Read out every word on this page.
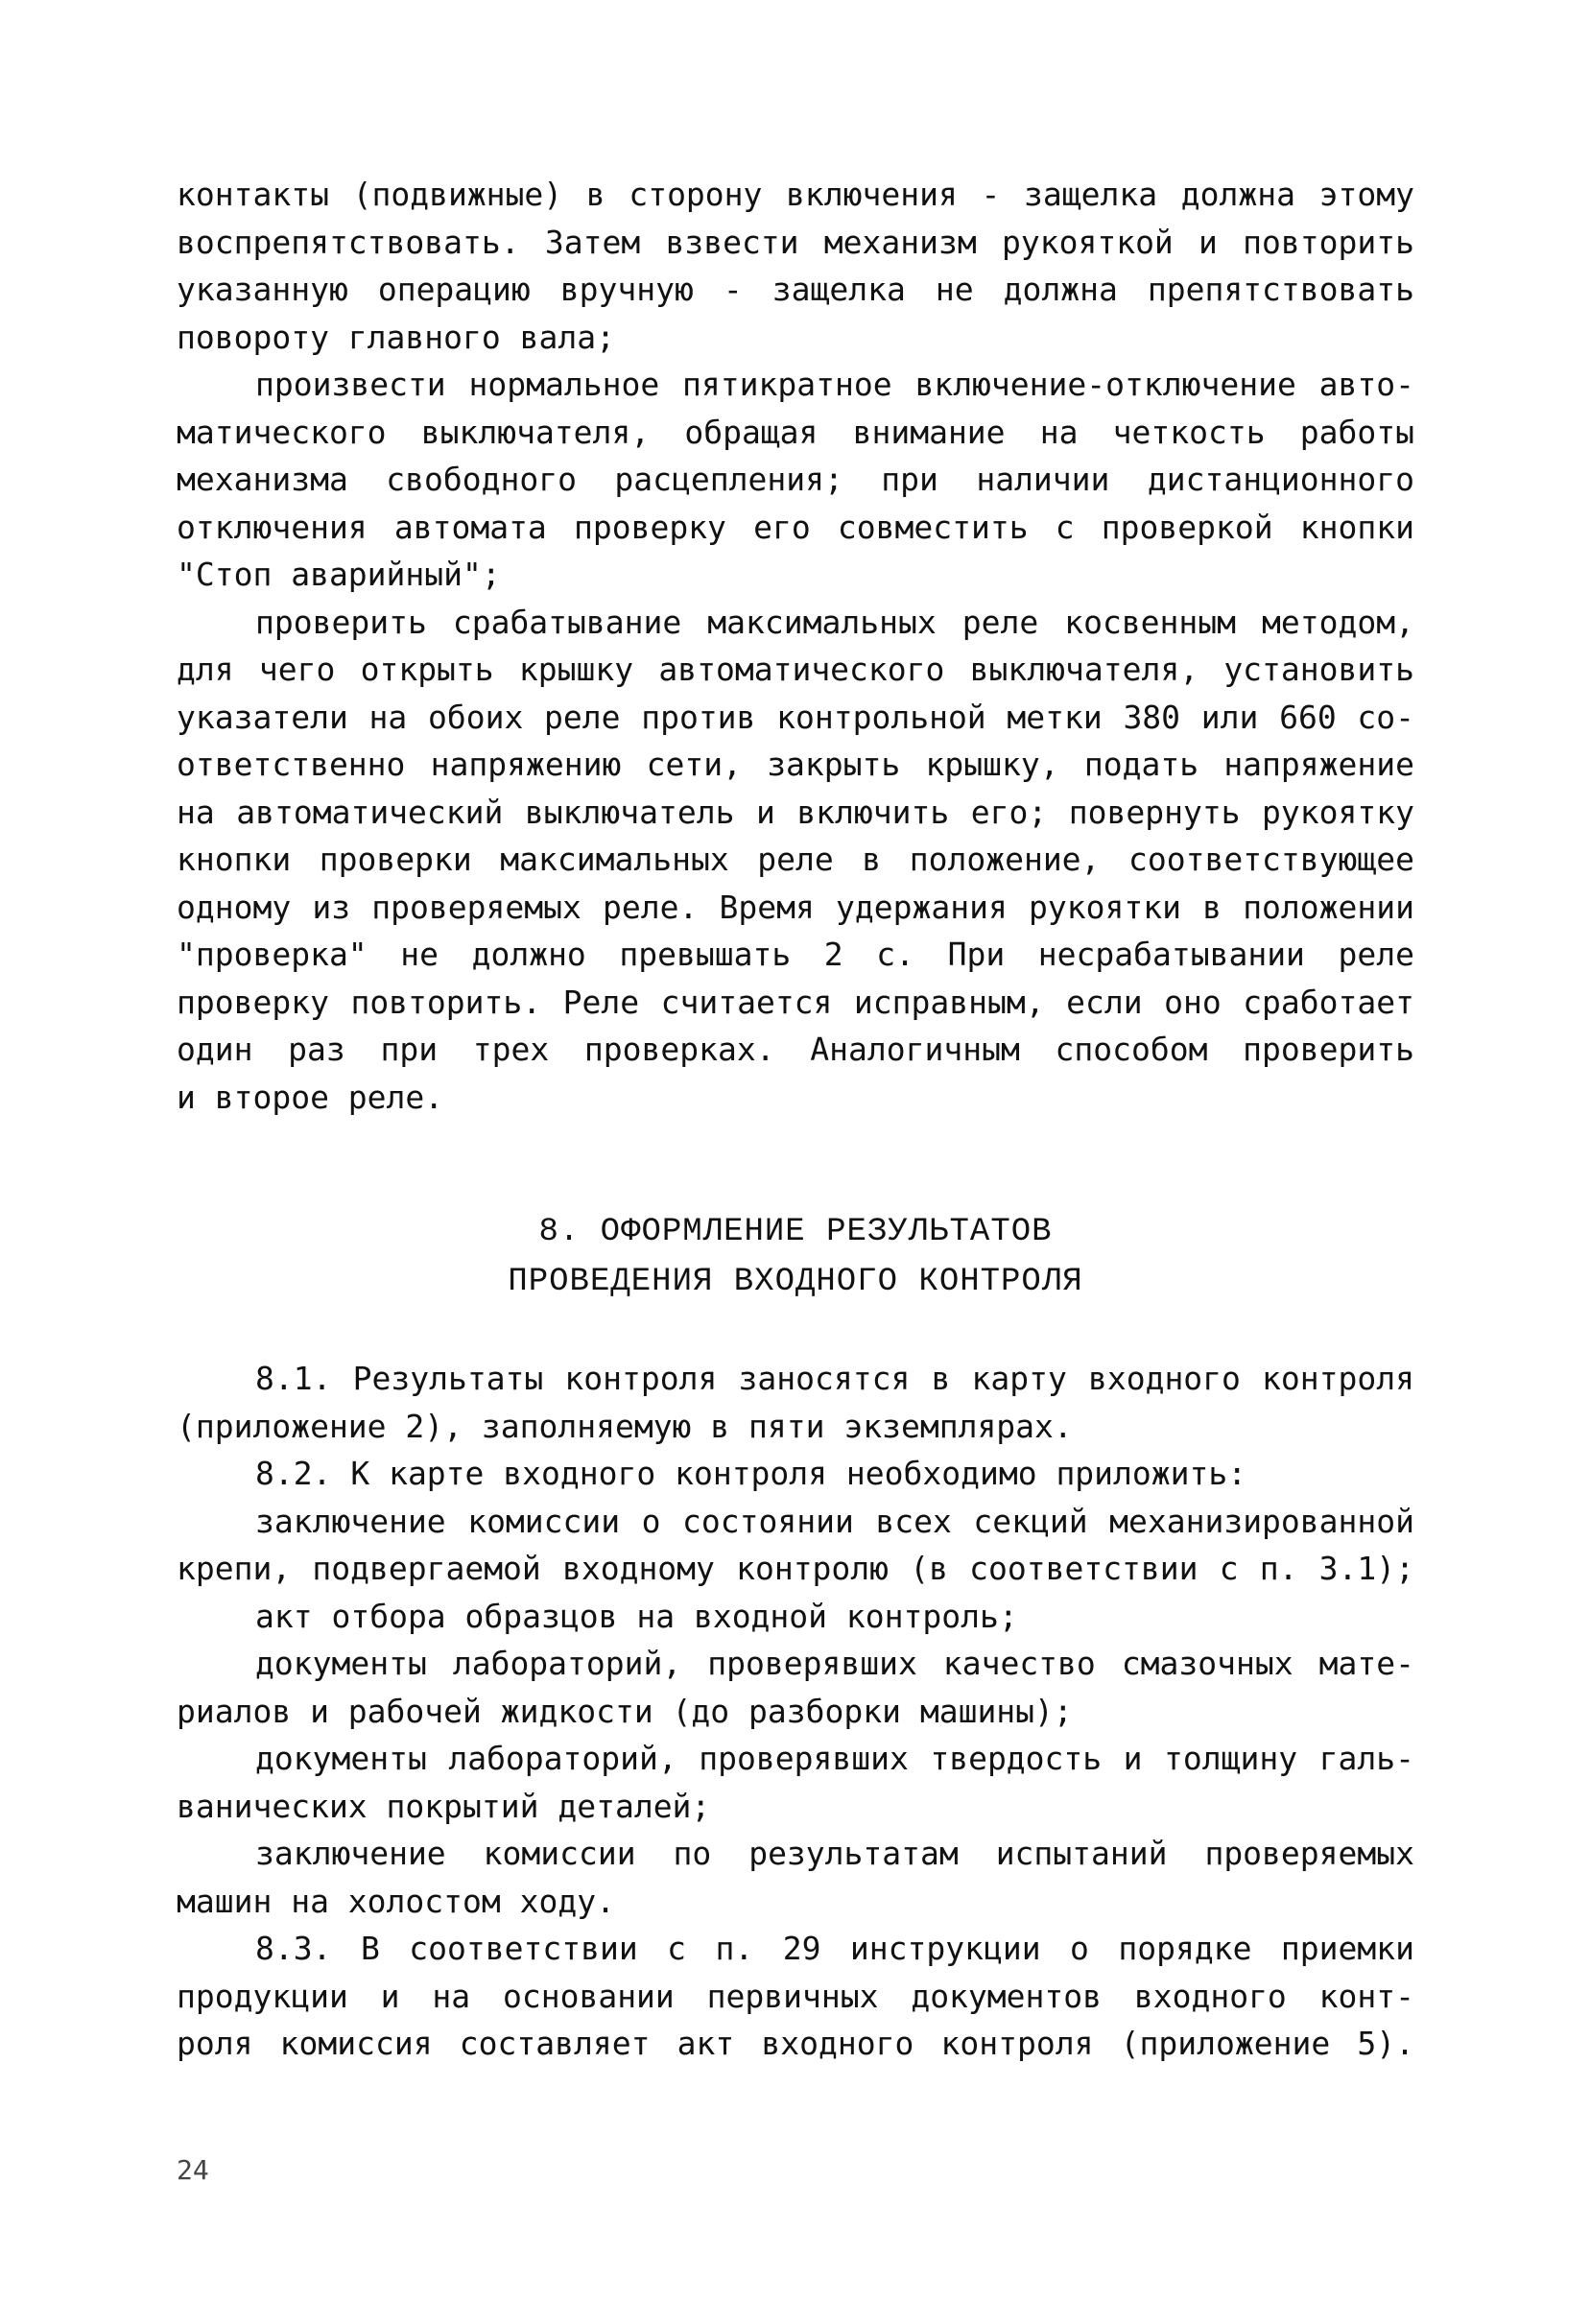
контакты (подвижные) в сторону включения - защелка должна этому
воспрепятствовать. Затем взвести механизм рукояткой и повторить
указанную операцию вручную - защелка не должна препятствовать
повороту главного вала;
произвести нормальное пятикратное включение-отключение авто-
матического выключателя, обращая внимание на четкость работы
механизма свободного расцепления; при наличии дистанционного
отключения автомата проверку его совместить с проверкой кнопки
"Стоп аварийный";
проверить срабатывание максимальных реле косвенным методом,
для чего открыть крышку автоматического выключателя, установить
указатели на обоих реле против контрольной метки 380 или 660 со-
ответственно напряжению сети, закрыть крышку, подать напряжение
на автоматический выключатель и включить его; повернуть рукоятку
кнопки проверки максимальных реле в положение, соответствующее
одному из проверяемых реле. Время удержания рукоятки в положении
"проверка" не должно превышать 2 с. При несрабатывании реле
проверку повторить. Реле считается исправным, если оно сработает
один раз при трех проверках. Аналогичным способом проверить
и второе реле.
8. ОФОРМЛЕНИЕ РЕЗУЛЬТАТОВ
ПРОВЕДЕНИЯ ВХОДНОГО КОНТРОЛЯ
8.1. Результаты контроля заносятся в карту входного контроля
(приложение 2), заполняемую в пяти экземплярах.
8.2. К карте входного контроля необходимо приложить:
заключение комиссии о состоянии всех секций механизированной
крепи, подвергаемой входному контролю (в соответствии с п. 3.1);
акт отбора образцов на входной контроль;
документы лабораторий, проверявших качество смазочных мате-
риалов и рабочей жидкости (до разборки машины);
документы лабораторий, проверявших твердость и толщину галь-
ванических покрытий деталей;
заключение комиссии по результатам испытаний проверяемых
машин на холостом ходу.
8.3. В соответствии с п. 29 инструкции о порядке приемки
продукции и на основании первичных документов входного конт-
роля комиссия составляет акт входного контроля (приложение 5).
24
